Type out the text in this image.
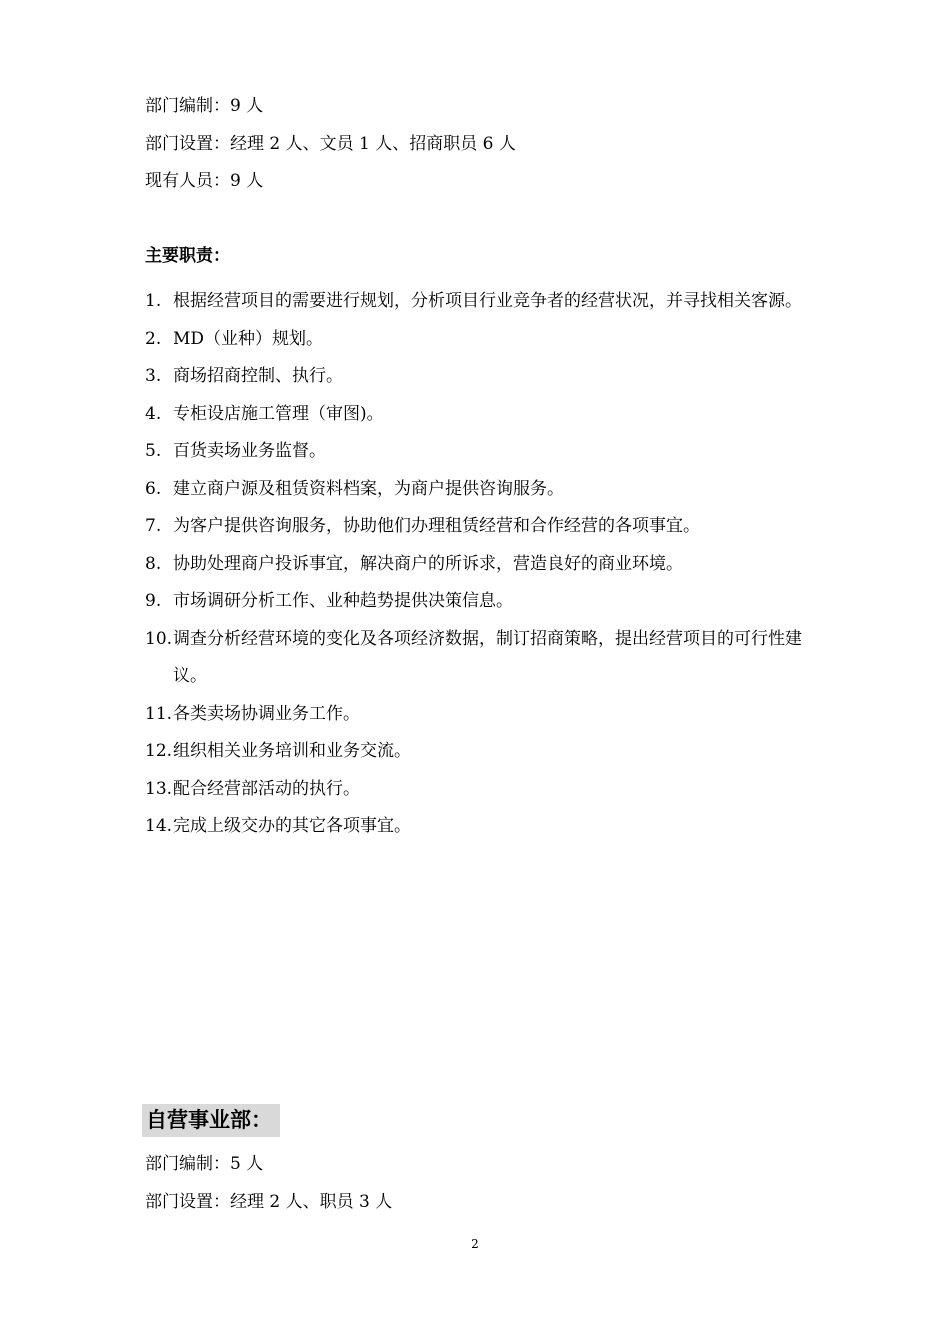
部门编制：9 人
部门设置：经理 2 人、文员 1 人、招商职员 6 人
现有人员：9 人
主要职责：
1. 根据经营项目的需要进行规划，分析项目行业竞争者的经营状况，并寻找相关客源。
2. MD（业种）规划。
3. 商场招商控制、执行。
4. 专柜设店施工管理（审图)。
5. 百货卖场业务监督。
6. 建立商户源及租赁资料档案，为商户提供咨询服务。
7. 为客户提供咨询服务，协助他们办理租赁经营和合作经营的各项事宜。
8. 协助处理商户投诉事宜，解决商户的所诉求，营造良好的商业环境。
9. 市场调研分析工作、业种趋势提供决策信息。
10. 调查分析经营环境的变化及各项经济数据，制订招商策略，提出经营项目的可行性建议。
11. 各类卖场协调业务工作。
12. 组织相关业务培训和业务交流。
13. 配合经营部活动的执行。
14. 完成上级交办的其它各项事宜。
自营事业部：
部门编制：5 人
部门设置：经理 2 人、职员 3 人
2
